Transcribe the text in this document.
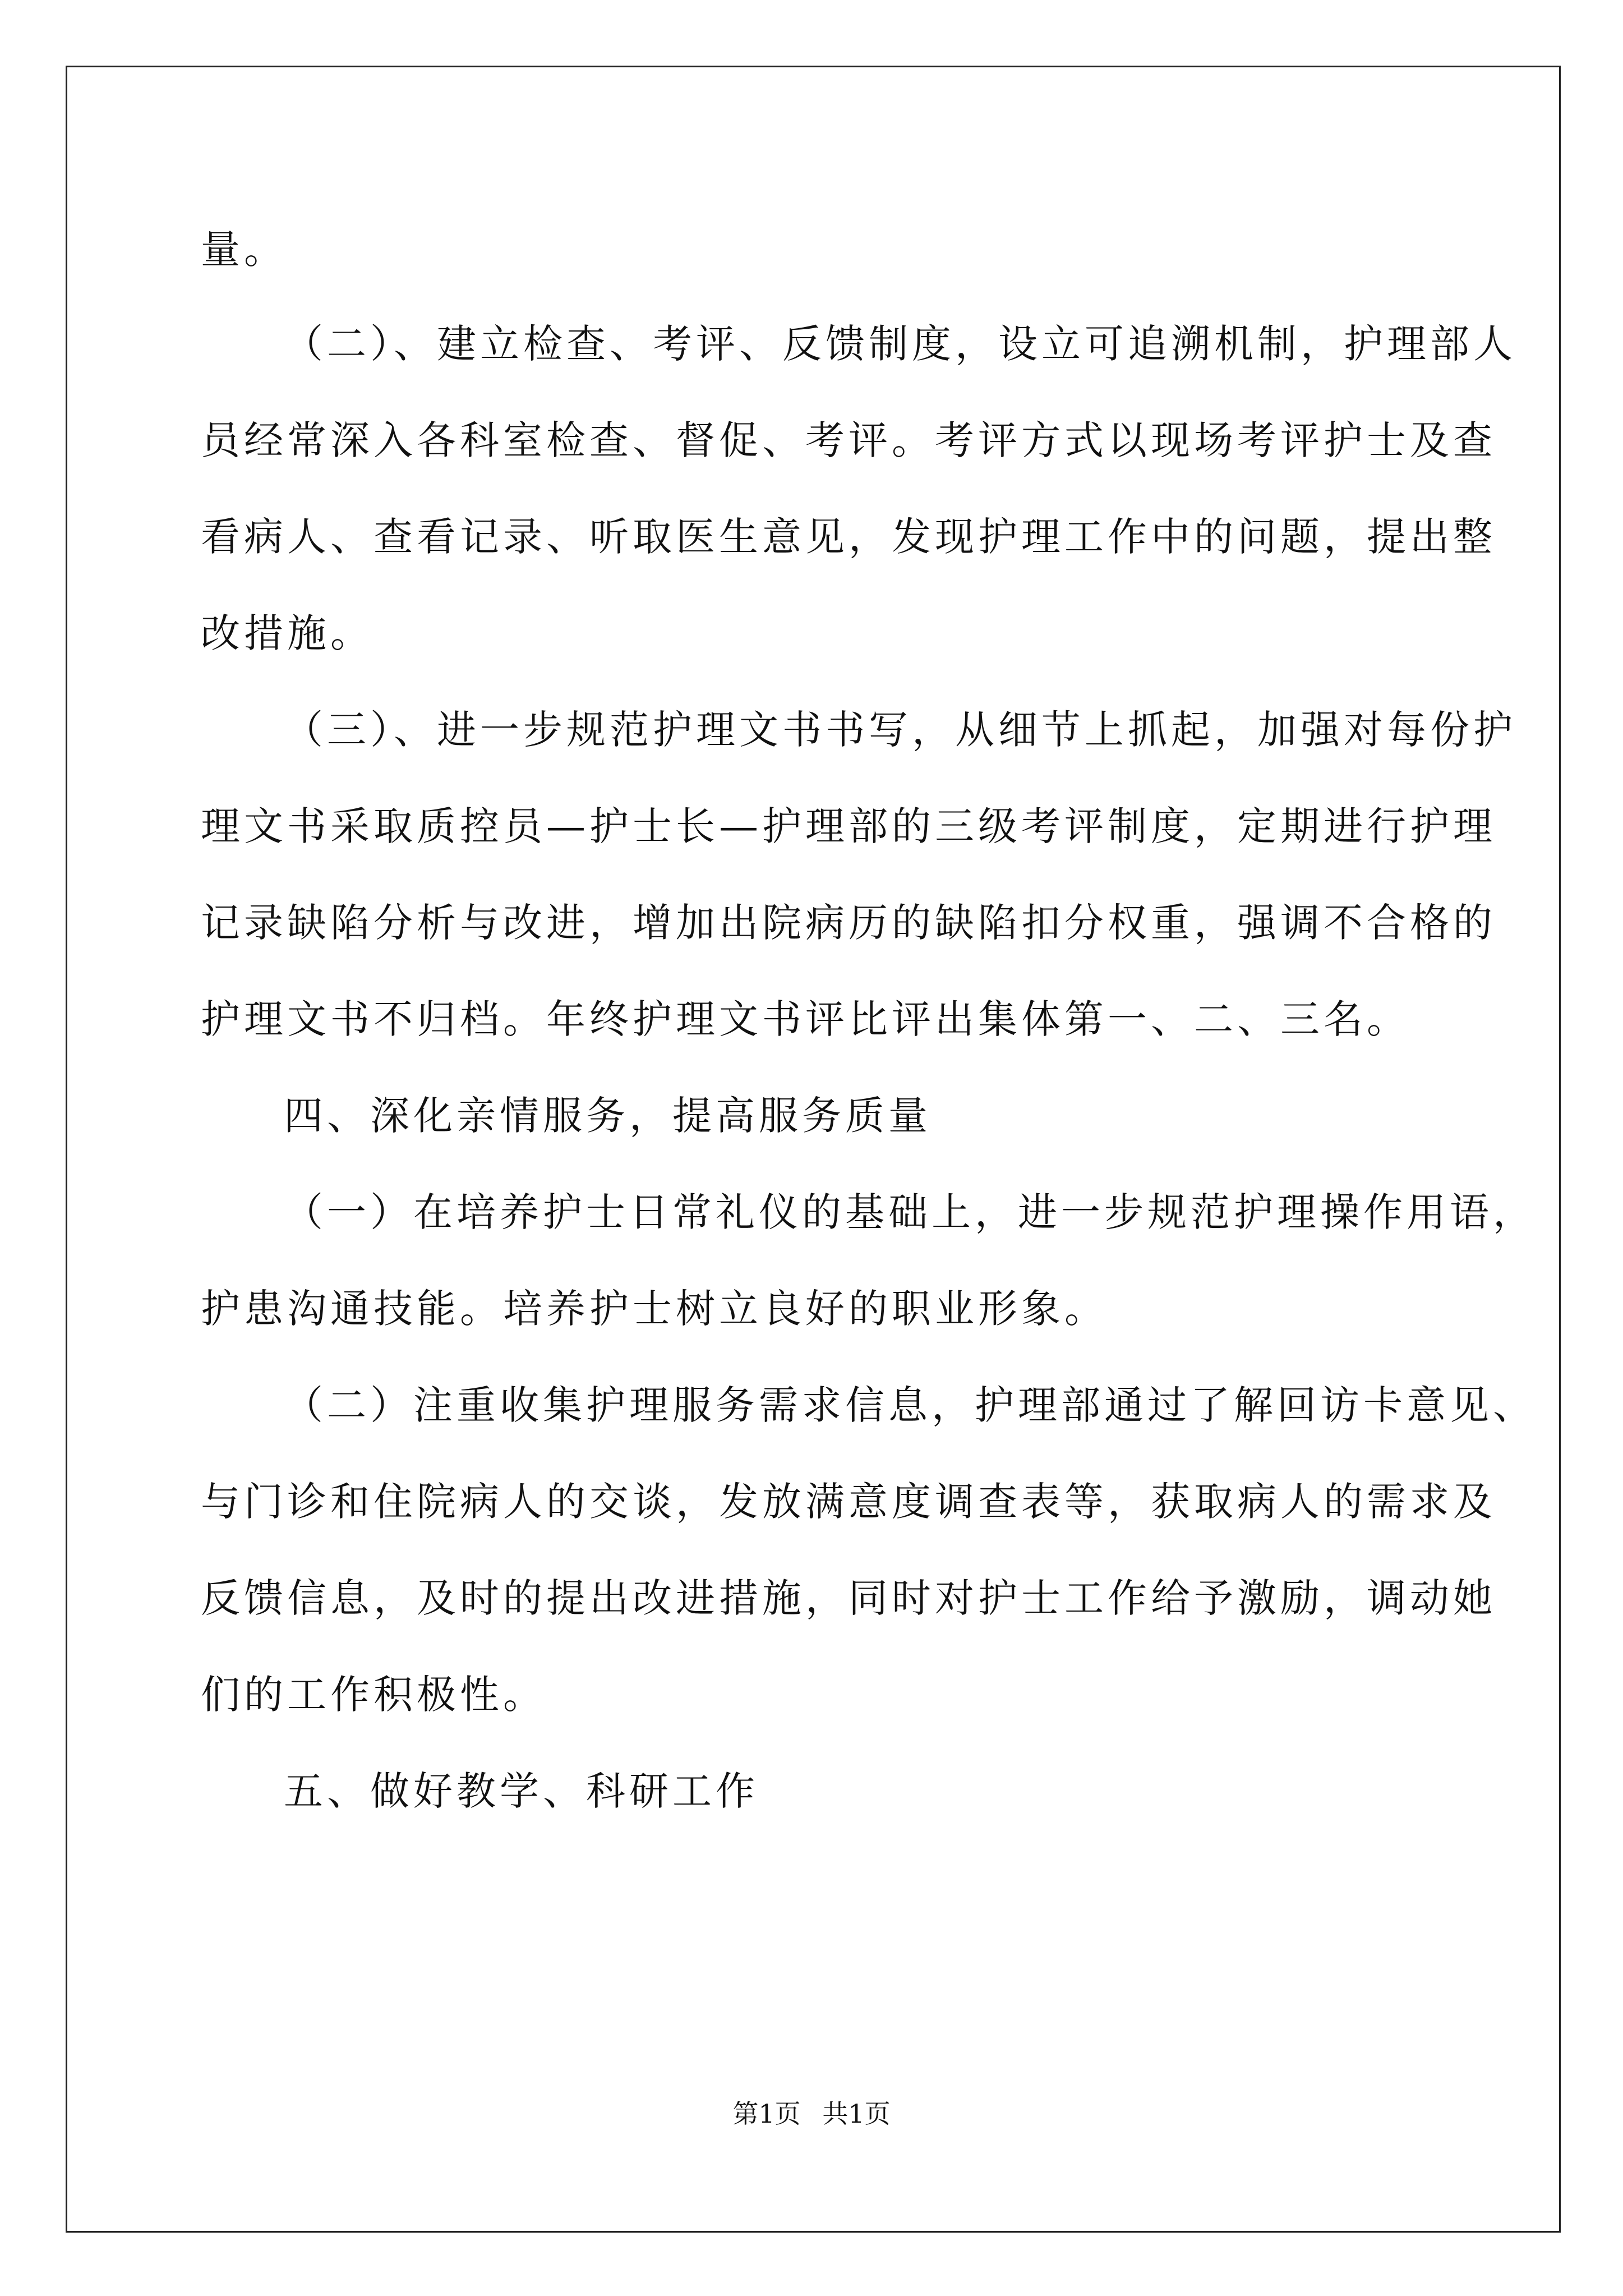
量。
（二）、建立检查、考评、反馈制度，设立可追溯机制，护理部人
员经常深入各科室检查、督促、考评。考评方式以现场考评护士及查
看病人、查看记录、听取医生意见，发现护理工作中的问题，提出整
改措施。
（三）、进一步规范护理文书书写，从细节上抓起，加强对每份护
理文书采取质控员—护士长—护理部的三级考评制度，定期进行护理
记录缺陷分析与改进，增加出院病历的缺陷扣分权重，强调不合格的
护理文书不归档。年终护理文书评比评出集体第一、二、三名。
四、深化亲情服务，提高服务质量
（一）在培养护士日常礼仪的基础上，进一步规范护理操作用语，
护患沟通技能。培养护士树立良好的职业形象。
（二）注重收集护理服务需求信息，护理部通过了解回访卡意见、
与门诊和住院病人的交谈，发放满意度调查表等，获取病人的需求及
反馈信息，及时的提出改进措施，同时对护士工作给予激励，调动她
们的工作积极性。
五、做好教学、科研工作
第1页 共1页
